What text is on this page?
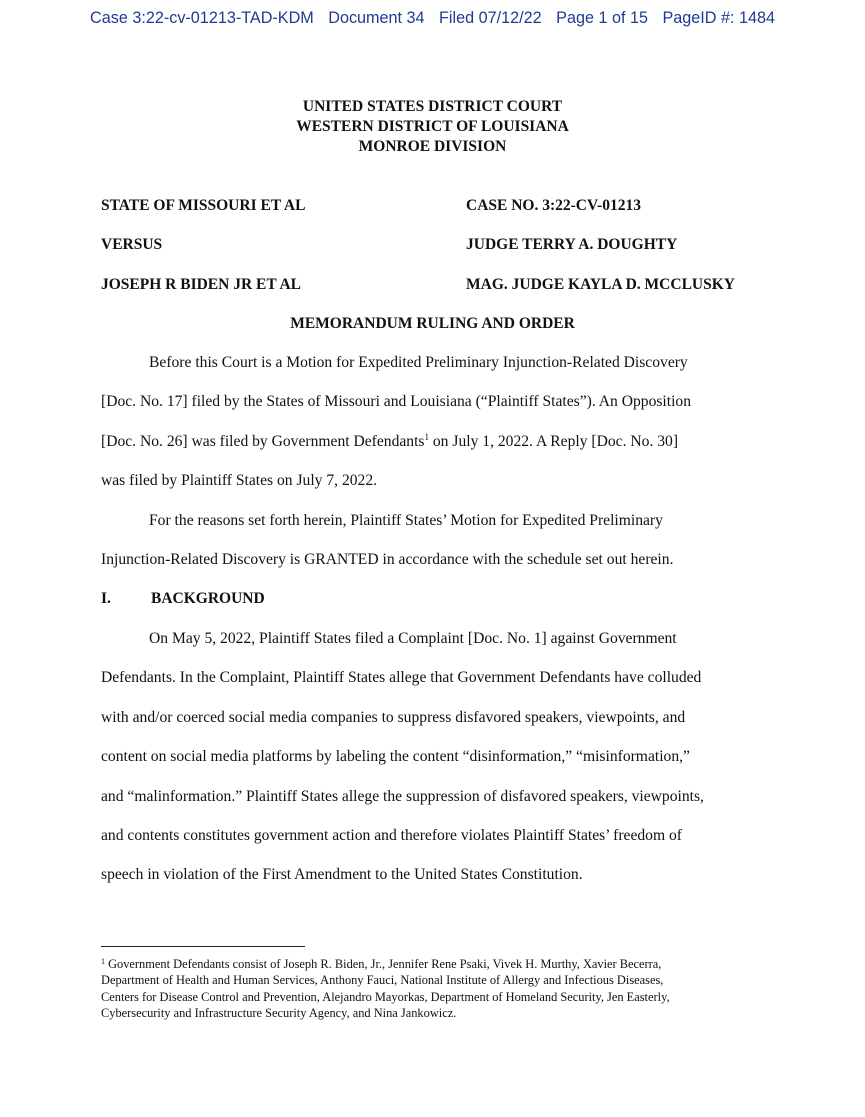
Case 3:22-cv-01213-TAD-KDM Document 34 Filed 07/12/22 Page 1 of 15 PageID #: 1484
UNITED STATES DISTRICT COURT
WESTERN DISTRICT OF LOUISIANA
MONROE DIVISION
STATE OF MISSOURI ET AL
VERSUS
JOSEPH R BIDEN JR ET AL
CASE NO. 3:22-CV-01213
JUDGE TERRY A. DOUGHTY
MAG. JUDGE KAYLA D. MCCLUSKY
MEMORANDUM RULING AND ORDER
Before this Court is a Motion for Expedited Preliminary Injunction-Related Discovery
[Doc. No. 17] filed by the States of Missouri and Louisiana (“Plaintiff States”). An Opposition
[Doc. No. 26] was filed by Government Defendants$^1$ on July 1, 2022. A Reply [Doc. No. 30]
was filed by Plaintiff States on July 7, 2022.
For the reasons set forth herein, Plaintiff States’ Motion for Expedited Preliminary
Injunction-Related Discovery is GRANTED in accordance with the schedule set out herein.
I.	BACKGROUND
On May 5, 2022, Plaintiff States filed a Complaint [Doc. No. 1] against Government
Defendants. In the Complaint, Plaintiff States allege that Government Defendants have colluded
with and/or coerced social media companies to suppress disfavored speakers, viewpoints, and
content on social media platforms by labeling the content “disinformation,” “misinformation,”
and “malinformation.” Plaintiff States allege the suppression of disfavored speakers, viewpoints,
and contents constitutes government action and therefore violates Plaintiff States’ freedom of
speech in violation of the First Amendment to the United States Constitution.
$^1$ Government Defendants consist of Joseph R. Biden, Jr., Jennifer Rene Psaki, Vivek H. Murthy, Xavier Becerra,
Department of Health and Human Services, Anthony Fauci, National Institute of Allergy and Infectious Diseases,
Centers for Disease Control and Prevention, Alejandro Mayorkas, Department of Homeland Security, Jen Easterly,
Cybersecurity and Infrastructure Security Agency, and Nina Jankowicz.
